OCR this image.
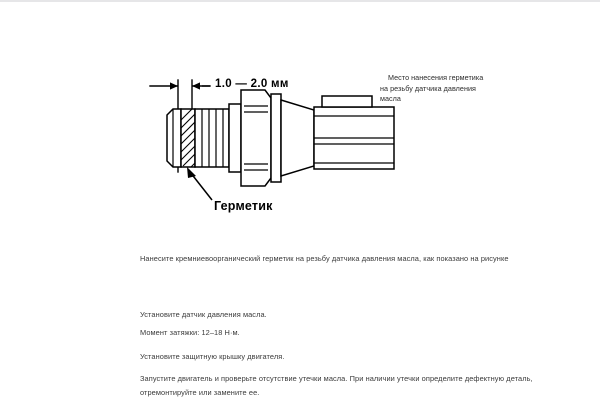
1.0 — 2.0 мм
Герметик
Место нанесения герметика
на резьбу датчика давления
масла
Нанесите кремниевоорганический герметик на резьбу датчика давления масла, как показано на рисунке
Установите датчик давления масла.
Момент затяжки: 12–18 Н·м.
Установите защитную крышку двигателя.
Запустите двигатель и проверьте отсутствие утечки масла. При наличии утечки определите дефектную деталь, отремонтируйте или замените ее.
